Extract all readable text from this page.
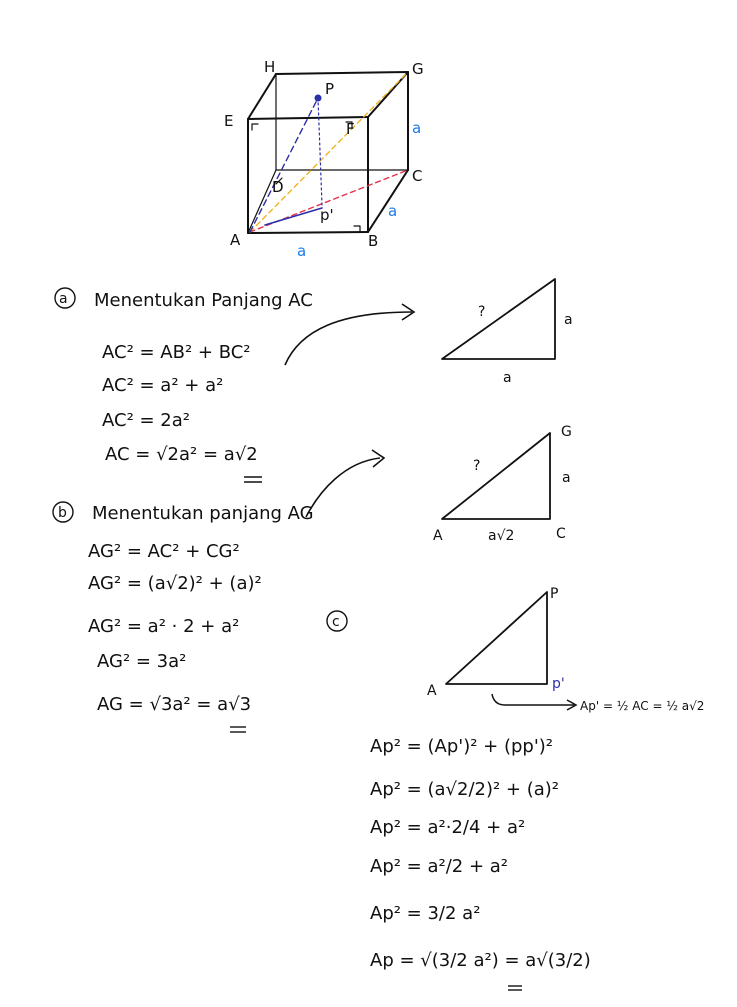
H	G
E	F
D
C
A	B
P
p'
a
a
a
a Menentukan Panjang AC
AC² = AB² + BC²
AC² = a² + a²
AC² = 2a²
AC = √2a² = a√2
?	a
a
?
a
a√2
A	C
G
b Menentukan panjang AG
AG² = AC² + CG²
AG² = (a√2)² + (a)²
AG² = a² · 2 + a²
AG² = 3a²
AG = √3a² = a√3
c
A
P
p'
Ap' = ½ AC = ½ a√2
Ap² = (Ap')² + (pp')²
Ap² = (a√2/2)² + (a)²
Ap² = a²·2/4 + a²
Ap² = a²/2 + a²
Ap² = 3/2 a²
Ap = √(3/2 a²) = a√(3/2)
